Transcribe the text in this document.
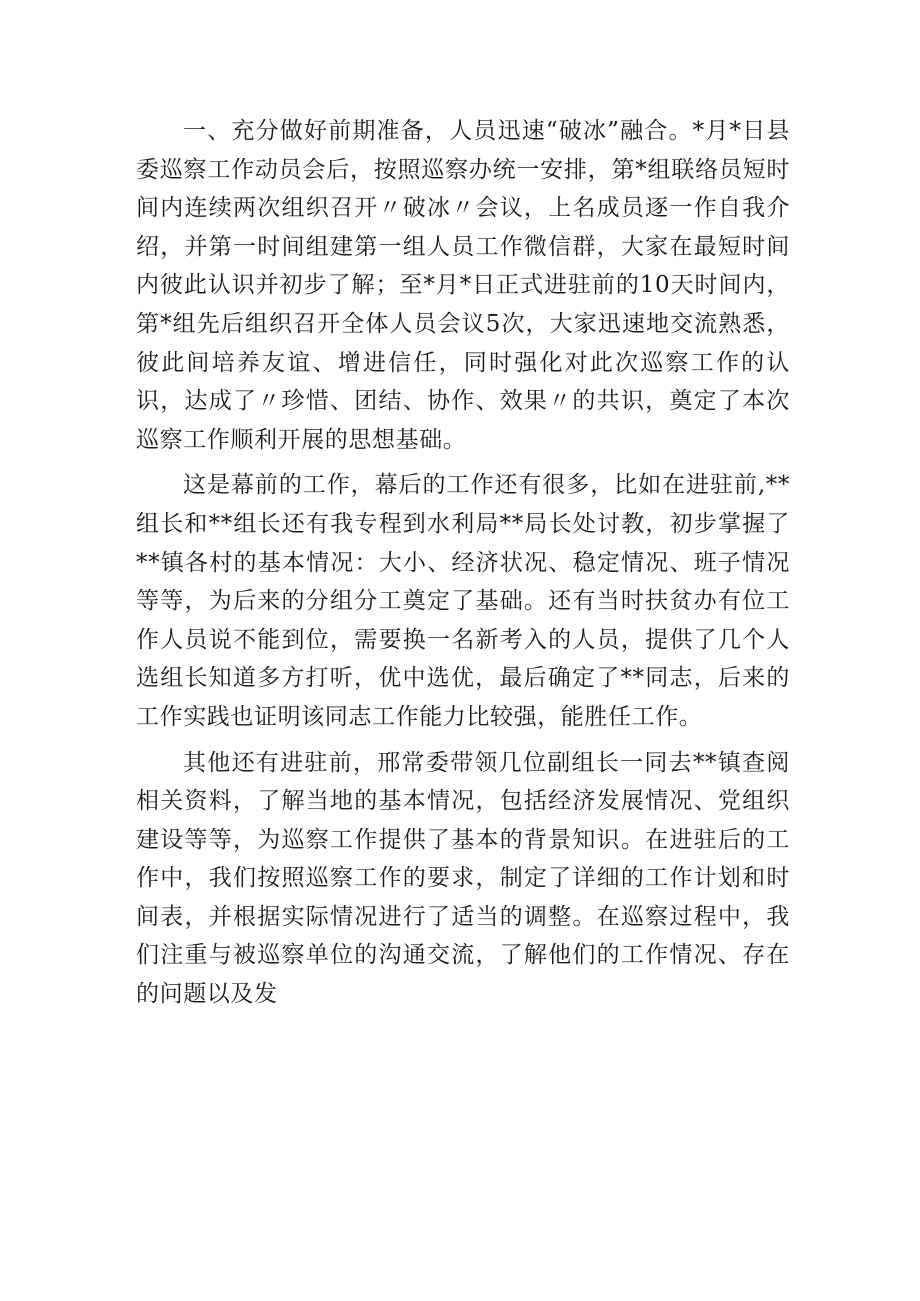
一、充分做好前期准备，人员迅速“破冰”融合。*月*日县委巡察工作动员会后，按照巡察办统一安排，第*组联络员短时间内连续两次组织召开〃破冰〃会议，上名成员逐一作自我介绍，并第一时间组建第一组人员工作微信群，大家在最短时间内彼此认识并初步了解；至*月*日正式进驻前的10天时间内，第*组先后组织召开全体人员会议5次，大家迅速地交流熟悉，彼此间培养友谊、增进信任，同时强化对此次巡察工作的认识，达成了〃珍惜、团结、协作、效果〃的共识，奠定了本次巡察工作顺利开展的思想基础。

这是幕前的工作，幕后的工作还有很多，比如在进驻前,**组长和**组长还有我专程到水利局**局长处讨教，初步掌握了**镇各村的基本情况：大小、经济状况、稳定情况、班子情况等等，为后来的分组分工奠定了基础。还有当时扶贫办有位工作人员说不能到位，需要换一名新考入的人员，提供了几个人选组长知道多方打听，优中选优，最后确定了**同志，后来的工作实践也证明该同志工作能力比较强，能胜任工作。

其他还有进驻前，邢常委带领几位副组长一同去**镇查阅相关资料，了解当地的基本情况，包括经济发展情况、党组织建设等等，为巡察工作提供了基本的背景知识。在进驻后的工作中，我们按照巡察工作的要求，制定了详细的工作计划和时间表，并根据实际情况进行了适当的调整。在巡察过程中，我们注重与被巡察单位的沟通交流，了解他们的工作情况、存在的问题以及发
